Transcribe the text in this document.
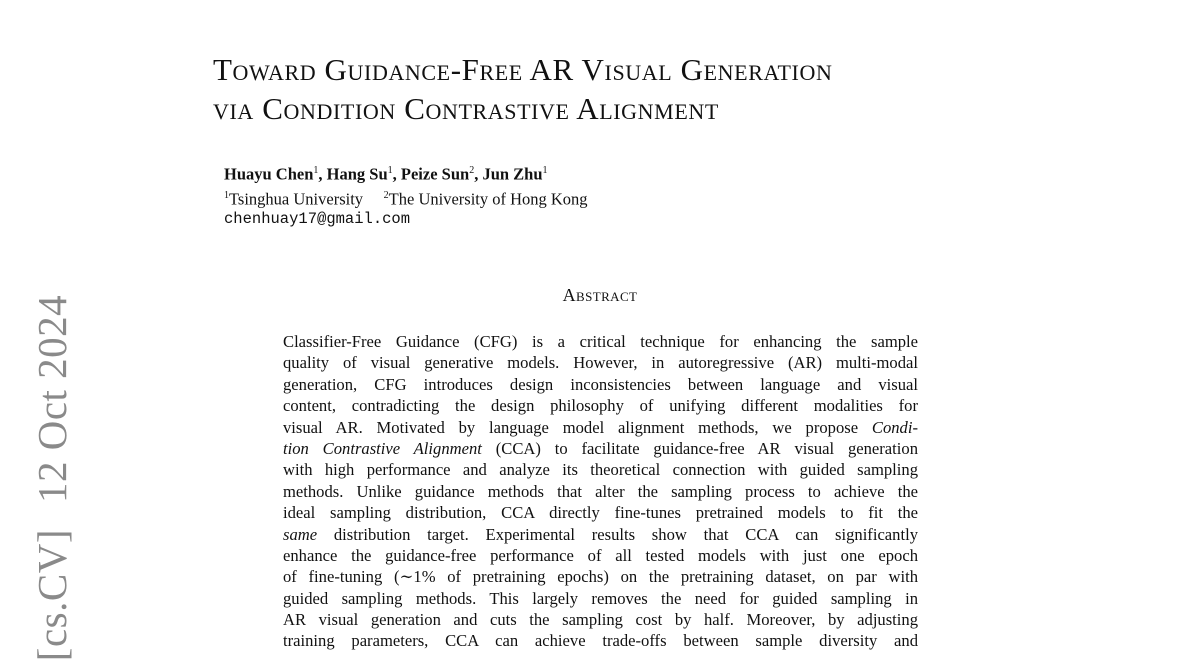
[cs.CV]12 Oct 2024
Toward Guidance-Free AR Visual Generation
via Condition Contrastive Alignment
Huayu Chen$^1$, Hang Su$^1$, Peize Sun$^2$, Jun Zhu$^1$
$^1$Tsinghua University $^2$The University of Hong Kong
chenhuay17@gmail.com
Abstract
Classifier-Free Guidance (CFG) is a critical technique for enhancing the sample
quality of visual generative models. However, in autoregressive (AR) multi-modal
generation, CFG introduces design inconsistencies between language and visual
content, contradicting the design philosophy of unifying different modalities for
visual AR. Motivated by language model alignment methods, we propose Condi-
tion Contrastive Alignment (CCA) to facilitate guidance-free AR visual generation
with high performance and analyze its theoretical connection with guided sampling
methods. Unlike guidance methods that alter the sampling process to achieve the
ideal sampling distribution, CCA directly fine-tunes pretrained models to fit the
same distribution target. Experimental results show that CCA can significantly
enhance the guidance-free performance of all tested models with just one epoch
of fine-tuning (∼1% of pretraining epochs) on the pretraining dataset, on par with
guided sampling methods. This largely removes the need for guided sampling in
AR visual generation and cuts the sampling cost by half. Moreover, by adjusting
training parameters, CCA can achieve trade-offs between sample diversity and
